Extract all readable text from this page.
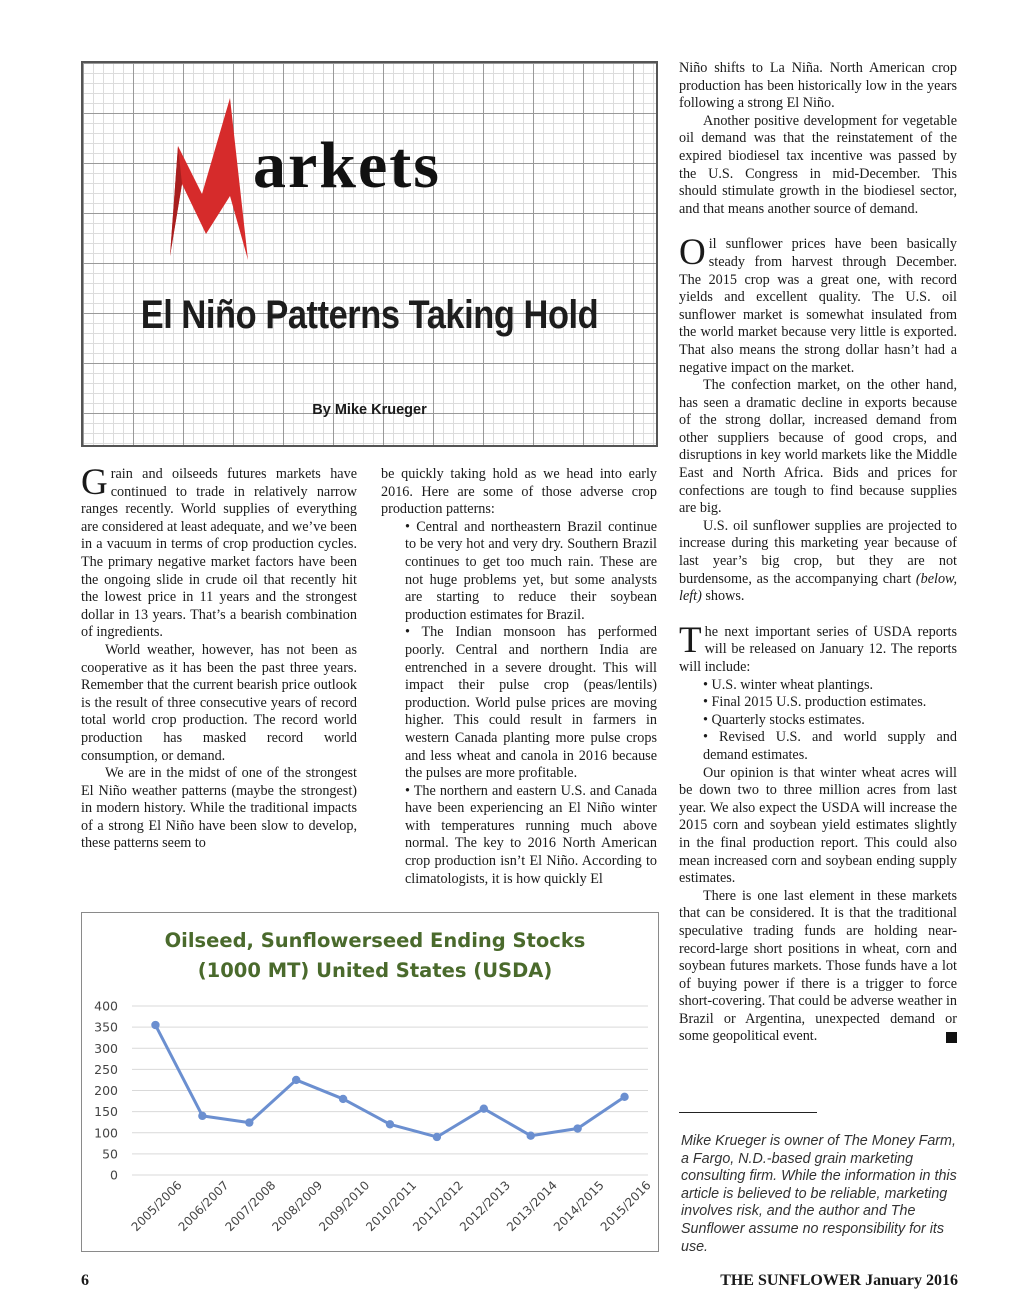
arkets
El Niño Patterns Taking Hold
By Mike Krueger

Grain and oilseeds futures markets have continued to trade in relatively narrow ranges recently. World supplies of everything are considered at least adequate, and we’ve been in a vacuum in terms of crop production cycles. The primary negative market factors have been the ongoing slide in crude oil that recently hit the lowest price in 11 years and the strongest dollar in 13 years. That’s a bearish combination of ingredients.

World weather, however, has not been as cooperative as it has been the past three years. Remember that the current bearish price outlook is the result of three consecutive years of record total world crop production. The record world production has masked record world consumption, or demand.

We are in the midst of one of the strongest El Niño weather patterns (maybe the strongest) in modern history. While the traditional impacts of a strong El Niño have been slow to develop, these patterns seem to

be quickly taking hold as we head into early 2016. Here are some of those adverse crop production patterns:

• Central and northeastern Brazil continue to be very hot and very dry. Southern Brazil continues to get too much rain. These are not huge problems yet, but some analysts are starting to reduce their soybean production estimates for Brazil.

• The Indian monsoon has performed poorly. Central and northern India are entrenched in a severe drought. This will impact their pulse crop (peas/lentils) production. World pulse prices are moving higher. This could result in farmers in western Canada planting more pulse crops and less wheat and canola in 2016 because the pulses are more profitable.

• The northern and eastern U.S. and Canada have been experiencing an El Niño winter with temperatures running much above normal. The key to 2016 North American crop production isn’t El Niño. According to climatologists, it is how quickly El

Niño shifts to La Niña. North American crop production has been historically low in the years following a strong El Niño.

Another positive development for vegetable oil demand was that the reinstatement of the expired biodiesel tax incentive was passed by the U.S. Congress in mid-December. This should stimulate growth in the biodiesel sector, and that means another source of demand.

Oil sunflower prices have been basically steady from harvest through December. The 2015 crop was a great one, with record yields and excellent quality. The U.S. oil sunflower market is somewhat insulated from the world market because very little is exported. That also means the strong dollar hasn’t had a negative impact on the market.

The confection market, on the other hand, has seen a dramatic decline in exports because of the strong dollar, increased demand from other suppliers because of good crops, and disruptions in key world markets like the Middle East and North Africa. Bids and prices for confections are tough to find because supplies are big.

U.S. oil sunflower supplies are projected to increase during this marketing year because of last year’s big crop, but they are not burdensome, as the accompanying chart (below, left) shows.

The next important series of USDA reports will be released on January 12. The reports will include:

• U.S. winter wheat plantings.

• Final 2015 U.S. production estimates.

• Quarterly stocks estimates.

• Revised U.S. and world supply and demand estimates.

Our opinion is that winter wheat acres will be down two to three million acres from last year. We also expect the USDA will increase the 2015 corn and soybean yield estimates slightly in the final production report. This could also mean increased corn and soybean ending supply estimates.

There is one last element in these markets that can be considered. It is that the traditional speculative trading funds are holding near-record-large short positions in wheat, corn and soybean futures markets. Those funds have a lot of buying power if there is a trigger to force short-covering. That could be adverse weather in Brazil or Argentina, unexpected demand or some geopolitical event.

Oilseed, Sunflowerseed Ending Stocks
(1000 MT) United States (USDA)
0
50
100
150
200
250
300
350
400
2005/2006
2006/2007
2007/2008
2008/2009
2009/2010
2010/2011
2011/2012
2012/2013
2013/2014
2014/2015
2015/2016
Mike Krueger is owner of The Money Farm, a Fargo, N.D.-based grain marketing consulting firm. While the information in this article is believed to be reliable, marketing involves risk, and the author and The Sunflower assume no responsibility for its use.
6	THE SUNFLOWER January 2016
